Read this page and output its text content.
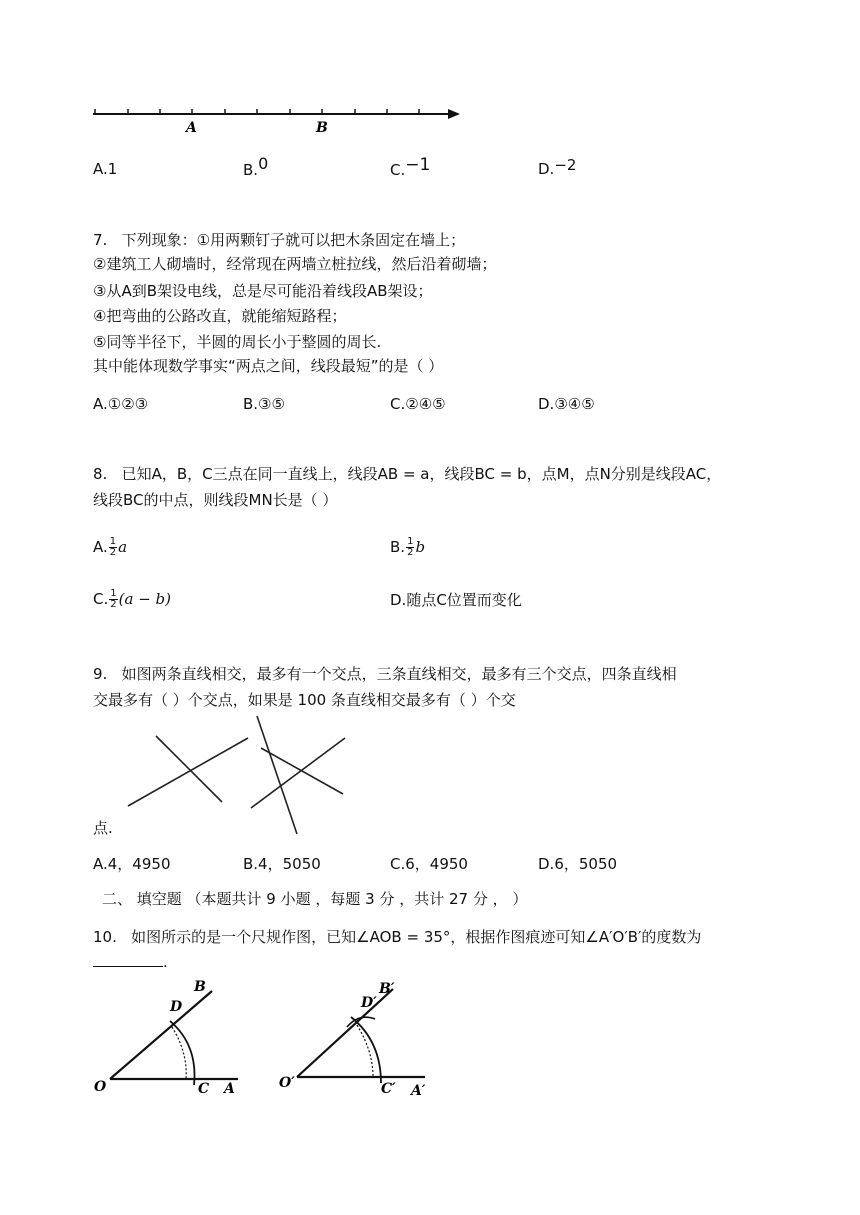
A	B
A.1	B.0	C.−1	D.−2
7. 下列现象：①用两颗钉子就可以把木条固定在墙上；
②建筑工人砌墙时，经常现在两墙立桩拉线，然后沿着砌墙；
③从A到B架设电线，总是尽可能沿着线段AB架设；
④把弯曲的公路改直，就能缩短路程；
⑤同等半径下，半圆的周长小于整圆的周长.
其中能体现数学事实“两点之间，线段最短”的是（ ）
A.①②③	B.③⑤	C.②④⑤	D.③④⑤
8. 已知A，B，C三点在同一直线上，线段AB = a，线段BC = b，点M，点N分别是线段AC，
线段BC的中点，则线段MN长是（ ）
A. $\frac{1}{2}$ a	B. $\frac{1}{2}$ b
C. $\frac{1}{2} (a - b)$	D.随点C位置而变化
9. 如图两条直线相交，最多有一个交点，三条直线相交，最多有三个交点，四条直线相
交最多有（ ）个交点，如果是 100 条直线相交最多有（ ）个交
点.
A.4，4950	B.4，5050	C.6，4950	D.6，5050
二、 填空题 （本题共计 9 小题 ，每题 3 分 ，共计 27 分 ， ）
10. 如图所示的是一个尺规作图，已知∠AOB = 35°，根据作图痕迹可知∠A′O′B′的度数为
.
O	C A
B
D
O′	C′ A′
B′
D′
